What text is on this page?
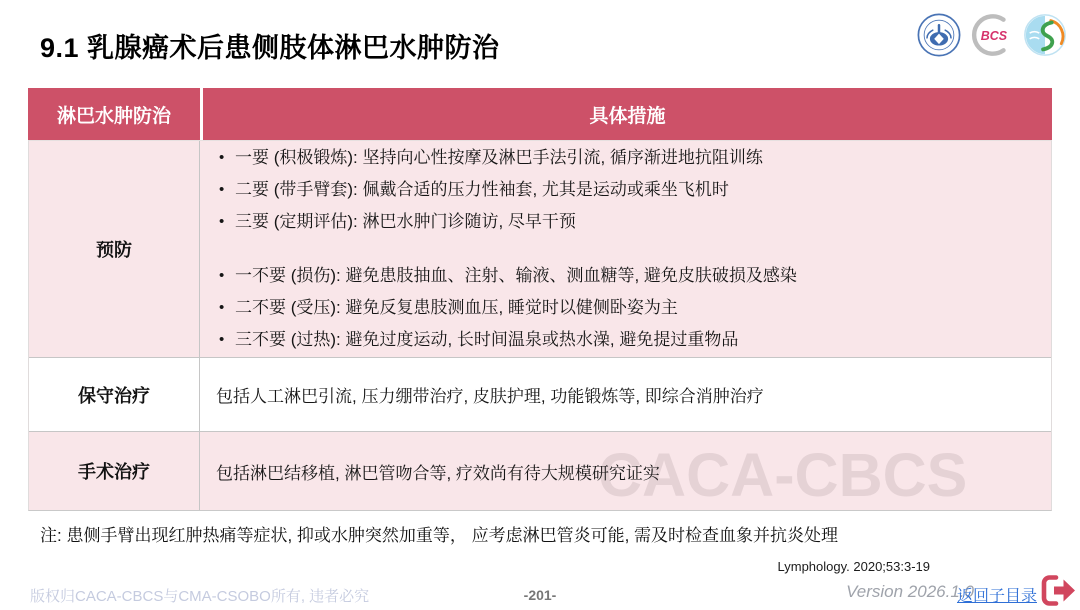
9.1 乳腺癌术后患侧肢体淋巴水肿防治	BCS
淋巴水肿防治	具体措施
预防
• 一要 (积极锻炼): 坚持向心性按摩及淋巴手法引流, 循序渐进地抗阻训练
• 二要 (带手臂套): 佩戴合适的压力性袖套, 尤其是运动或乘坐飞机时
• 三要 (定期评估): 淋巴水肿门诊随访, 尽早干预
• 一不要 (损伤): 避免患肢抽血、注射、输液、测血糖等, 避免皮肤破损及感染
• 二不要 (受压): 避免反复患肢测血压, 睡觉时以健侧卧姿为主
• 三不要 (过热): 避免过度运动, 长时间温泉或热水澡, 避免提过重物品
保守治疗	包括人工淋巴引流, 压力绷带治疗, 皮肤护理, 功能锻炼等, 即综合消肿治疗
手术治疗	包括淋巴结移植, 淋巴管吻合等, 疗效尚有待大规模研究证实
注: 患侧手臂出现红肿热痛等症状, 抑或水肿突然加重等， 应考虑淋巴管炎可能, 需及时检查血象并抗炎处理
Lymphology. 2020;53:3-19
版权归CACA-CBCS与CMA-CSOBO所有, 违者必究	-201-	Version 2026.1.0
返回子目录
